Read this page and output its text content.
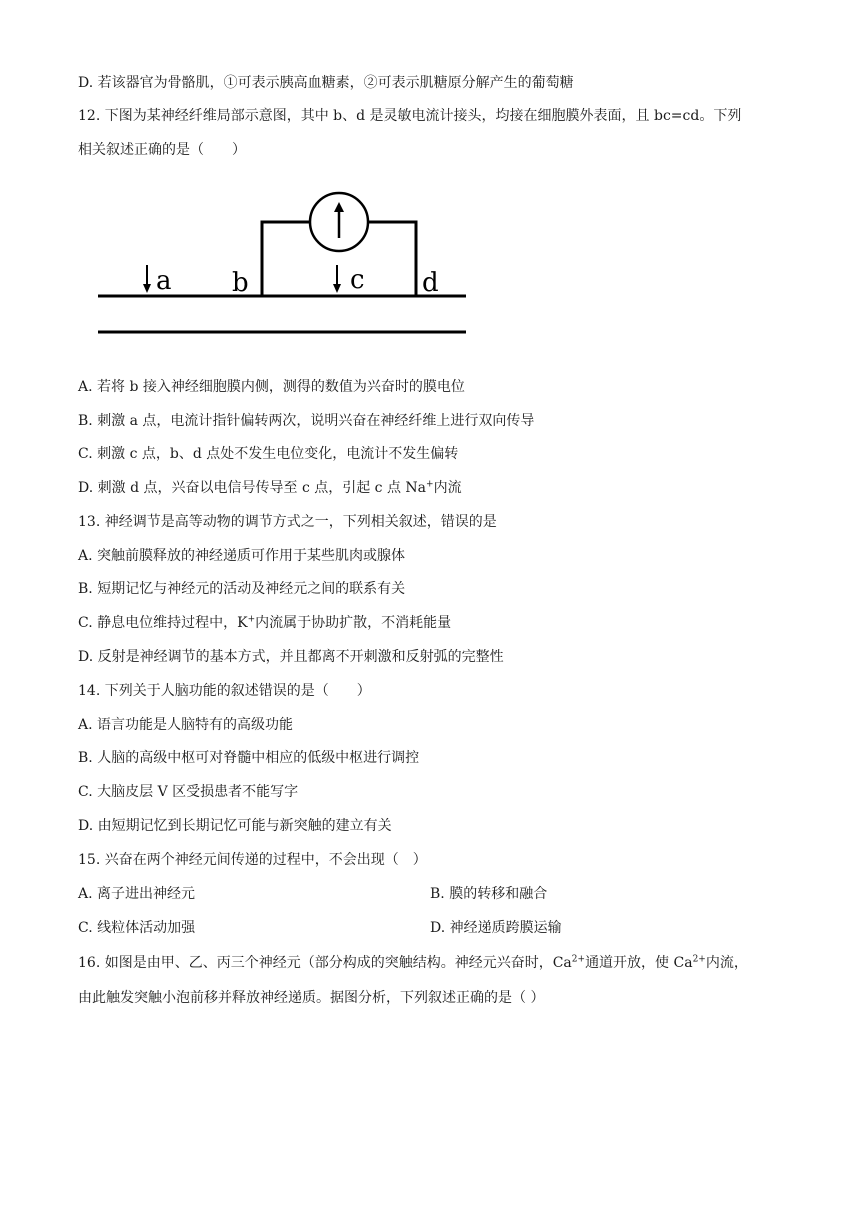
D. 若该器官为骨骼肌，①可表示胰高血糖素，②可表示肌糖原分解产生的葡萄糖
12. 下图为某神经纤维局部示意图，其中 b、d 是灵敏电流计接头，均接在细胞膜外表面，且 bc=cd。下列
相关叙述正确的是（　　）
a b	c d
A. 若将 b 接入神经细胞膜内侧，测得的数值为兴奋时的膜电位
B. 刺激 a 点，电流计指针偏转两次，说明兴奋在神经纤维上进行双向传导
C. 刺激 c 点，b、d 点处不发生电位变化，电流计不发生偏转
D. 刺激 d 点，兴奋以电信号传导至 c 点，引起 c 点 Na+内流
13. 神经调节是高等动物的调节方式之一，下列相关叙述，错误的是
A. 突触前膜释放的神经递质可作用于某些肌肉或腺体
B. 短期记忆与神经元的活动及神经元之间的联系有关
C. 静息电位维持过程中，K+内流属于协助扩散，不消耗能量
D. 反射是神经调节的基本方式，并且都离不开刺激和反射弧的完整性
14. 下列关于人脑功能的叙述错误的是（　　）
A. 语言功能是人脑特有的高级功能
B. 人脑的高级中枢可对脊髓中相应的低级中枢进行调控
C. 大脑皮层 V 区受损患者不能写字
D. 由短期记忆到长期记忆可能与新突触的建立有关
15. 兴奋在两个神经元间传递的过程中，不会出现（　）
A. 离子进出神经元	B. 膜的转移和融合
C. 线粒体活动加强	D. 神经递质跨膜运输
16. 如图是由甲、乙、丙三个神经元（部分构成的突触结构。神经元兴奋时，$Ca^{2+}$通道开放，使 $Ca^{2+}$内流，
由此触发突触小泡前移并释放神经递质。据图分析，下列叙述正确的是（ ）
